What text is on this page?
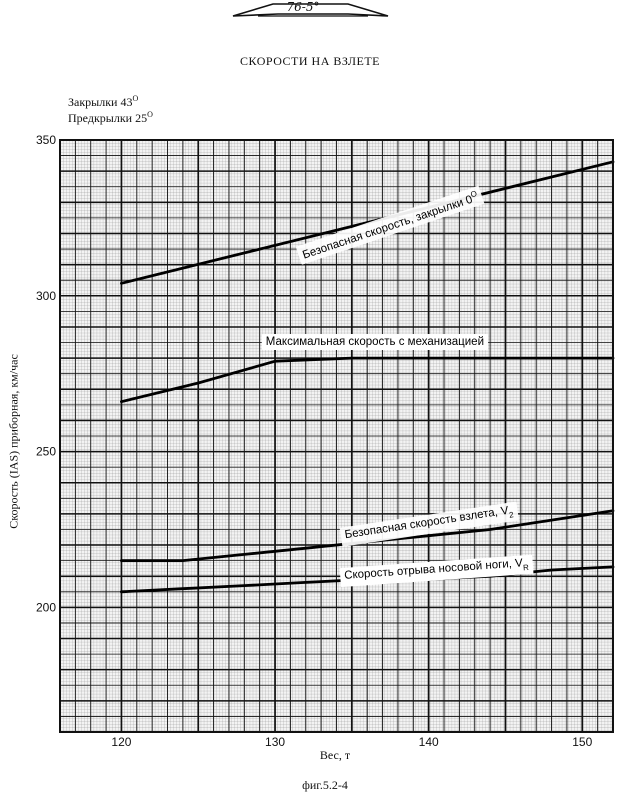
76-5°
СКОРОСТИ НА ВЗЛЕТЕ
Закрылки $43^O$
Предкрылки $25^O$
120	130	140	150
200
250
300
350
Безопасная скорость, закрылки $0^O$
Максимальная скорость с механизацией
Безопасная скорость взлета, $V_2$
Скорость отрыва носовой ноги, $V_R$
Скорость (IAS) приборная, км/час
Вес, т
фиг.5.2-4
